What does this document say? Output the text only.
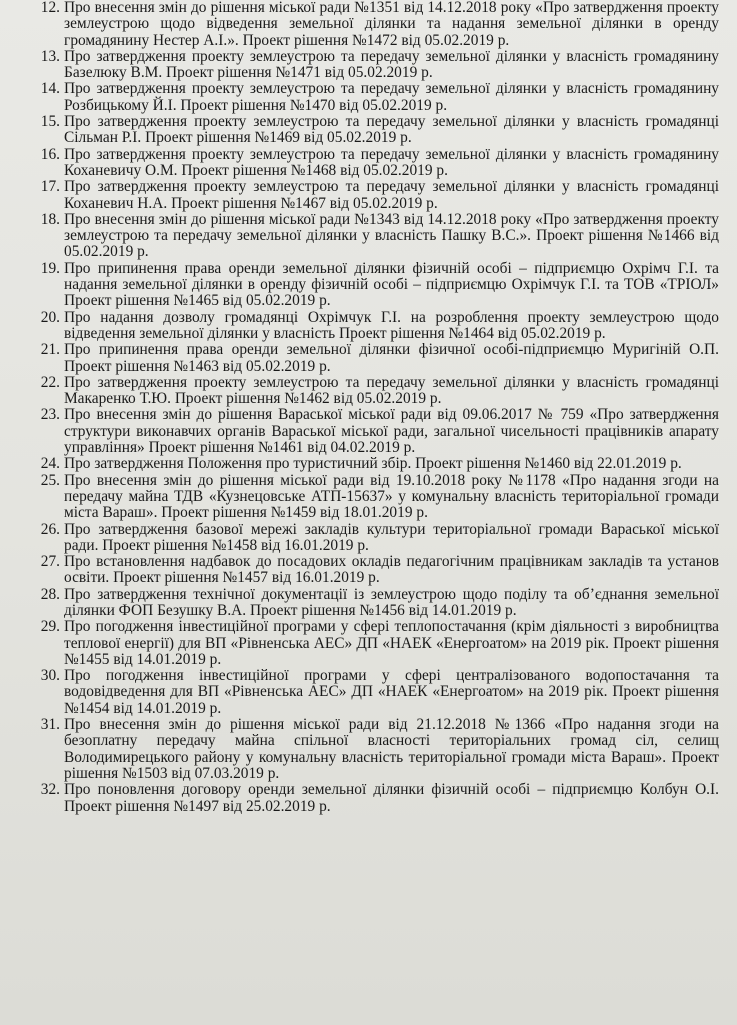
12. Про внесення змін до рішення міської ради №1351 від 14.12.2018 року «Про затвердження проекту землеустрою щодо відведення земельної ділянки та надання земельної ділянки в оренду громадянину Нестер А.І.». Проект рішення №1472 від 05.02.2019 р.
13. Про затвердження проекту землеустрою та передачу земельної ділянки у власність громадянину Базелюку В.М. Проект рішення №1471 від 05.02.2019 р.
14. Про затвердження проекту землеустрою та передачу земельної ділянки у власність громадянину Розбицькому Й.І. Проект рішення №1470 від 05.02.2019 р.
15. Про затвердження проекту землеустрою та передачу земельної ділянки у власність громадянці Сільман Р.І. Проект рішення №1469 від 05.02.2019 р.
16. Про затвердження проекту землеустрою та передачу земельної ділянки у власність громадянину Коханевичу О.М. Проект рішення №1468 від 05.02.2019 р.
17. Про затвердження проекту землеустрою та передачу земельної ділянки у власність громадянці Коханевич Н.А. Проект рішення №1467 від 05.02.2019 р.
18. Про внесення змін до рішення міської ради №1343 від 14.12.2018 року «Про затвердження проекту землеустрою та передачу земельної ділянки у власність Пашку В.С.». Проект рішення №1466 від 05.02.2019 р.
19. Про припинення права оренди земельної ділянки фізичній особі – підприємцю Охрімч Г.І. та надання земельної ділянки в оренду фізичній особі – підприємцю Охрімчук Г.І. та ТОВ «ТРІОЛ» Проект рішення №1465 від 05.02.2019 р.
20. Про надання дозволу громадянці Охрімчук Г.І. на розроблення проекту землеустрою щодо відведення земельної ділянки у власність Проект рішення №1464 від 05.02.2019 р.
21. Про припинення права оренди земельної ділянки фізичної особі-підприємцю Муригіній О.П. Проект рішення №1463 від 05.02.2019 р.
22. Про затвердження проекту землеустрою та передачу земельної ділянки у власність громадянці Макаренко Т.Ю. Проект рішення №1462 від 05.02.2019 р.
23. Про внесення змін до рішення Вараської міської ради від 09.06.2017 № 759 «Про затвердження структури виконавчих органів Вараської міської ради, загальної чисельності працівників апарату управління» Проект рішення №1461 від 04.02.2019 р.
24. Про затвердження Положення про туристичний збір. Проект рішення №1460 від 22.01.2019 р.
25. Про внесення змін до рішення міської ради від 19.10.2018 року №1178 «Про надання згоди на передачу майна ТДВ «Кузнецовське АТП-15637» у комунальну власність територіальної громади міста Вараш». Проект рішення №1459 від 18.01.2019 р.
26. Про затвердження базової мережі закладів культури територіальної громади Вараської міської ради. Проект рішення №1458 від 16.01.2019 р.
27. Про встановлення надбавок до посадових окладів педагогічним працівникам закладів та установ освіти. Проект рішення №1457 від 16.01.2019 р.
28. Про затвердження технічної документації із землеустрою щодо поділу та об’єднання земельної ділянки ФОП Безушку В.А. Проект рішення №1456 від 14.01.2019 р.
29. Про погодження інвестиційної програми у сфері теплопостачання (крім діяльності з виробництва теплової енергії) для ВП «Рівненська АЕС» ДП «НАЕК «Енергоатом» на 2019 рік. Проект рішення №1455 від 14.01.2019 р.
30. Про погодження інвестиційної програми у сфері централізованого водопостачання та водовідведення для ВП «Рівненська АЕС» ДП «НАЕК «Енергоатом» на 2019 рік. Проект рішення №1454 від 14.01.2019 р.
31. Про внесення змін до рішення міської ради від 21.12.2018 №1366 «Про надання згоди на безоплатну передачу майна спільної власності територіальних громад сіл, селищ Володимирецького району у комунальну власність територіальної громади міста Вараш». Проект рішення №1503 від 07.03.2019 р.
32. Про поновлення договору оренди земельної ділянки фізичній особі – підприємцю Колбун О.І. Проект рішення №1497 від 25.02.2019 р.
